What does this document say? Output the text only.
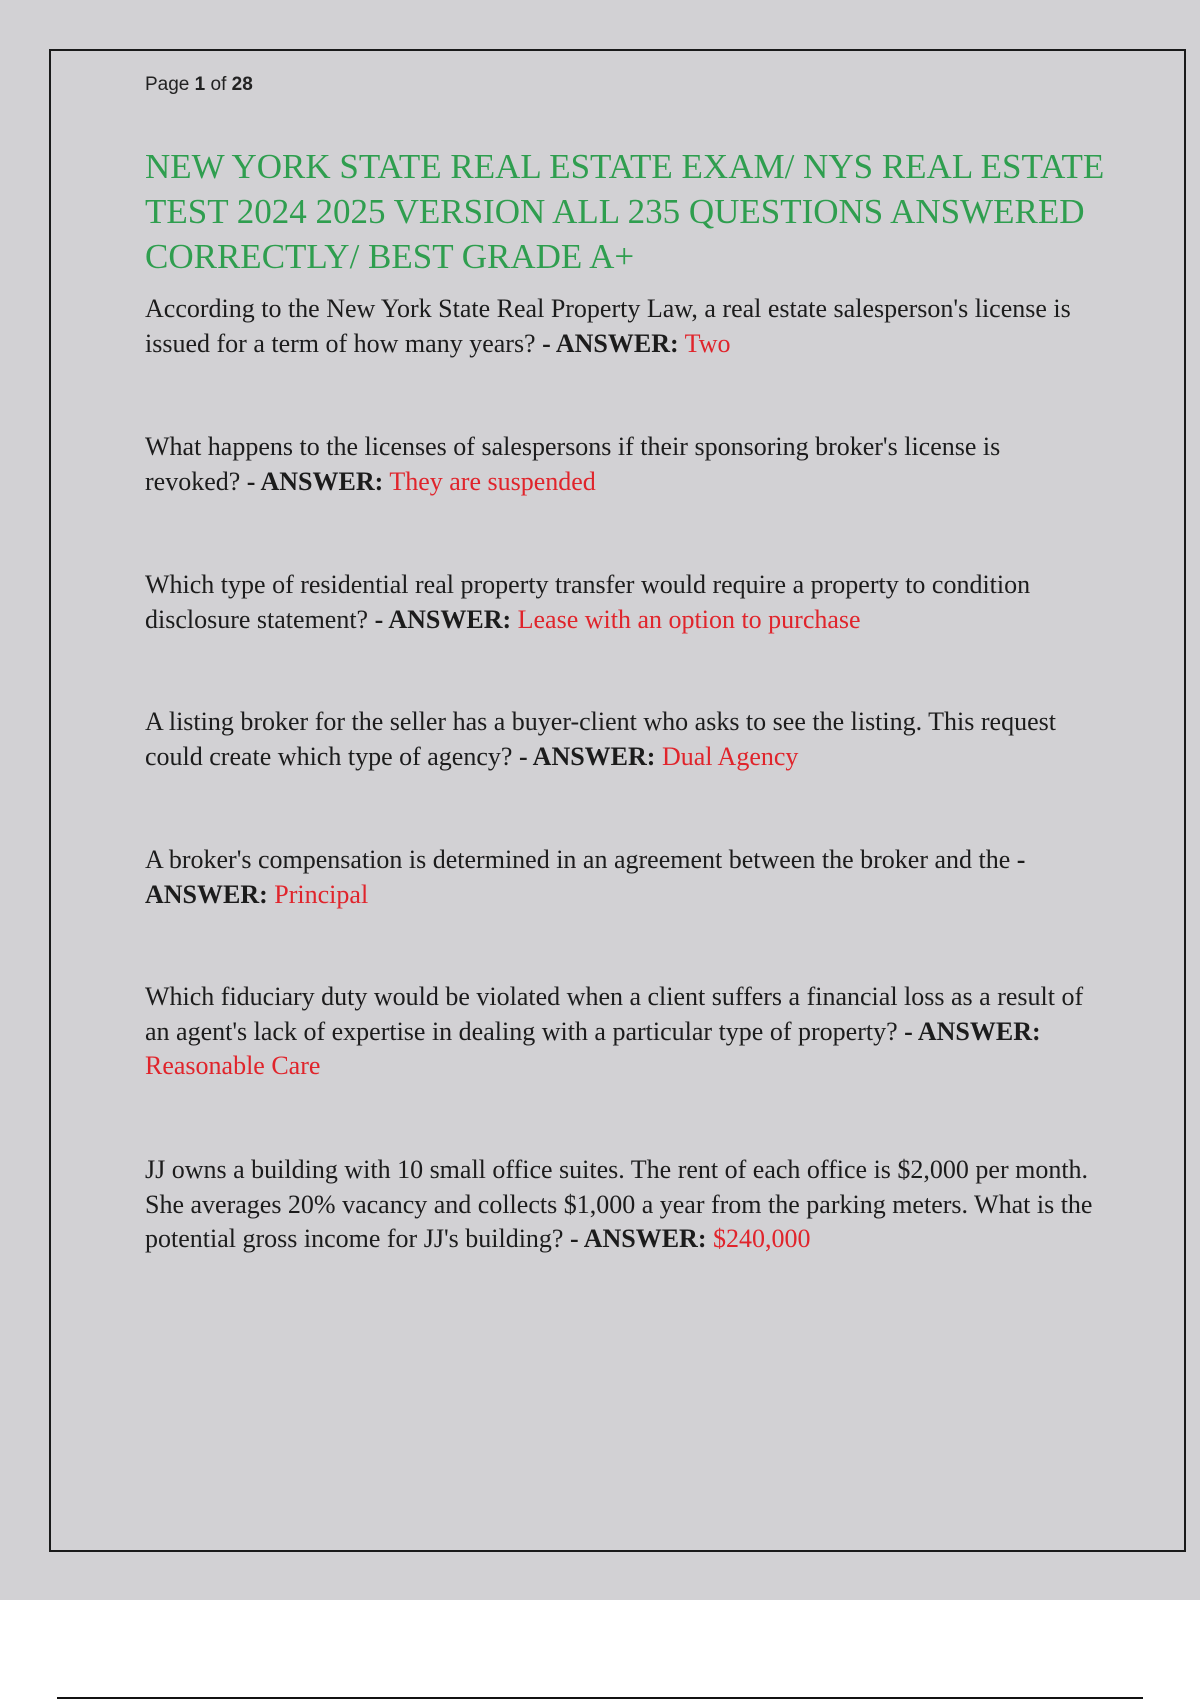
Page 1 of 28
NEW YORK STATE REAL ESTATE EXAM/ NYS REAL ESTATE TEST 2024 2025 VERSION ALL 235 QUESTIONS ANSWERED CORRECTLY/ BEST GRADE A+

According to the New York State Real Property Law, a real estate salesperson's license is issued for a term of how many years? - ANSWER: Two

What happens to the licenses of salespersons if their sponsoring broker's license is revoked? - ANSWER: They are suspended

Which type of residential real property transfer would require a property to condition disclosure statement? - ANSWER: Lease with an option to purchase

A listing broker for the seller has a buyer-client who asks to see the listing. This request could create which type of agency? - ANSWER: Dual Agency

A broker's compensation is determined in an agreement between the broker and the - ANSWER: Principal

Which fiduciary duty would be violated when a client suffers a financial loss as a result of an agent's lack of expertise in dealing with a particular type of property? - ANSWER: Reasonable Care

JJ owns a building with 10 small office suites. The rent of each office is $2,000 per month. She averages 20% vacancy and collects $1,000 a year from the parking meters. What is the potential gross income for JJ's building? - ANSWER: $240,000
